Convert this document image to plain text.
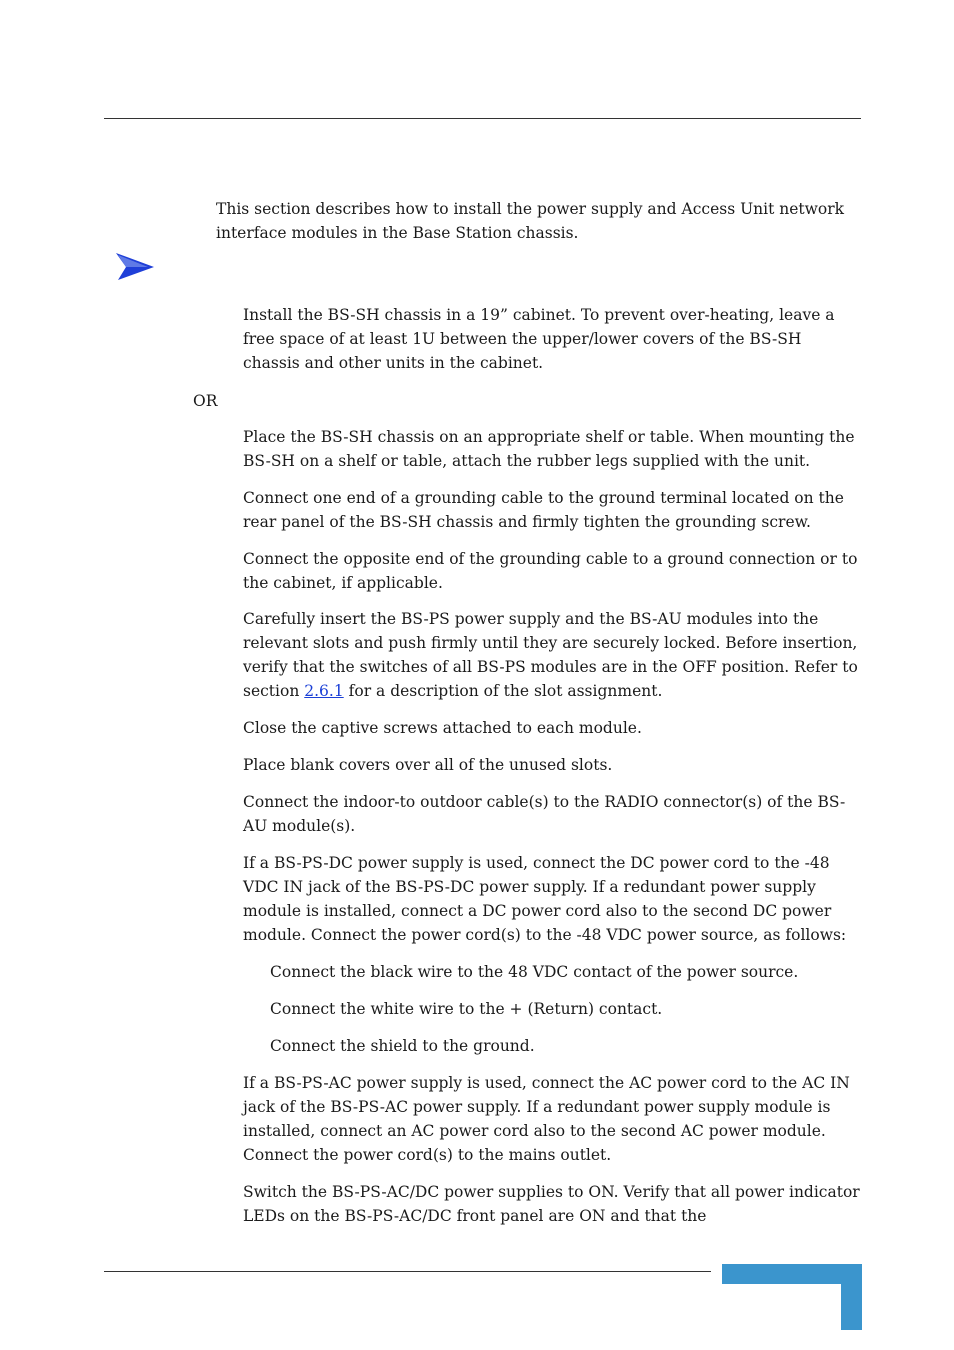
This section describes how to install the power supply and Access Unit network interface modules in the Base Station chassis.

Install the BS-SH chassis in a 19” cabinet. To prevent over-heating, leave a free space of at least 1U between the upper/lower covers of the BS-SH chassis and other units in the cabinet.

OR

Place the BS-SH chassis on an appropriate shelf or table. When mounting the BS-SH on a shelf or table, attach the rubber legs supplied with the unit.

Connect one end of a grounding cable to the ground terminal located on the rear panel of the BS-SH chassis and firmly tighten the grounding screw.

Connect the opposite end of the grounding cable to a ground connection or to the cabinet, if applicable.

Carefully insert the BS-PS power supply and the BS-AU modules into the relevant slots and push firmly until they are securely locked. Before insertion, verify that the switches of all BS-PS modules are in the OFF position. Refer to section 2.6.1 for a description of the slot assignment.

Close the captive screws attached to each module.

Place blank covers over all of the unused slots.

Connect the indoor-to outdoor cable(s) to the RADIO connector(s) of the BS-AU module(s).

If a BS-PS-DC power supply is used, connect the DC power cord to the -48 VDC IN jack of the BS-PS-DC power supply. If a redundant power supply module is installed, connect a DC power cord also to the second DC power module. Connect the power cord(s) to the -48 VDC power source, as follows:

Connect the black wire to the 48 VDC contact of the power source.

Connect the white wire to the + (Return) contact.

Connect the shield to the ground.

If a BS-PS-AC power supply is used, connect the AC power cord to the AC IN jack of the BS-PS-AC power supply. If a redundant power supply module is installed, connect an AC power cord also to the second AC power module. Connect the power cord(s) to the mains outlet.

Switch the BS-PS-AC/DC power supplies to ON. Verify that all power indicator LEDs on the BS-PS-AC/DC front panel are ON and that the
